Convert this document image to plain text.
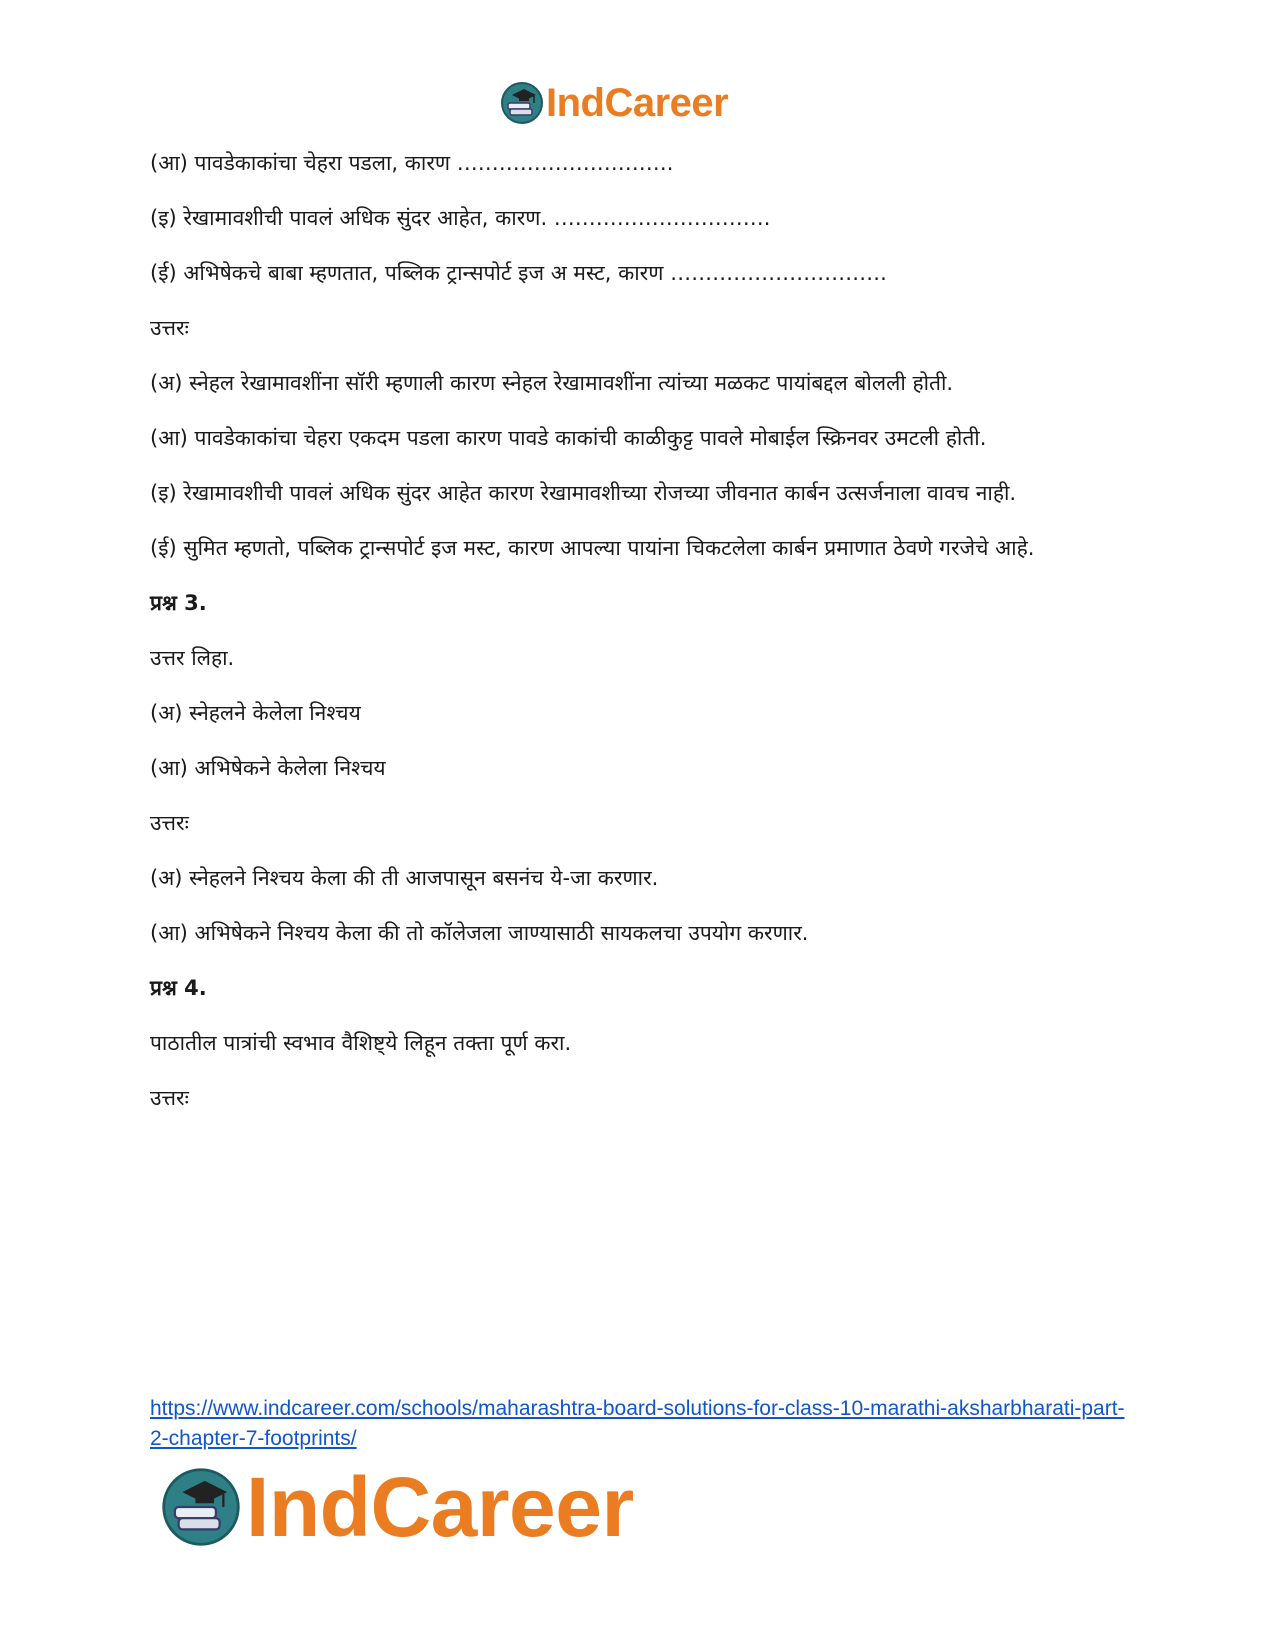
IndCareer

(आ) पावडेकाकांचा चेहरा पडला, कारण ………………………….

(इ) रेखामावशीची पावलं अधिक सुंदर आहेत, कारण. ………………………….

(ई) अभिषेकचे बाबा म्हणतात, पब्लिक ट्रान्सपोर्ट इज अ मस्ट, कारण ………………………….

उत्तरः

(अ) स्नेहल रेखामावशींना सॉरी म्हणाली कारण स्नेहल रेखामावशींना त्यांच्या मळकट पायांबद्दल बोलली होती.

(आ) पावडेकाकांचा चेहरा एकदम पडला कारण पावडे काकांची काळीकुट्ट पावले मोबाईल स्क्रिनवर उमटली होती.

(इ) रेखामावशीची पावलं अधिक सुंदर आहेत कारण रेखामावशीच्या रोजच्या जीवनात कार्बन उत्सर्जनाला वावच नाही.

(ई) सुमित म्हणतो, पब्लिक ट्रान्सपोर्ट इज मस्ट, कारण आपल्या पायांना चिकटलेला कार्बन प्रमाणात ठेवणे गरजेचे आहे.

प्रश्न 3.

उत्तर लिहा.

(अ) स्नेहलने केलेला निश्चय

(आ) अभिषेकने केलेला निश्चय

उत्तरः

(अ) स्नेहलने निश्चय केला की ती आजपासून बसनंच ये-जा करणार.

(आ) अभिषेकने निश्चय केला की तो कॉलेजला जाण्यासाठी सायकलचा उपयोग करणार.

प्रश्न 4.

पाठातील पात्रांची स्वभाव वैशिष्ट्ये लिहून तक्ता पूर्ण करा.

उत्तरः

https://www.indcareer.com/schools/maharashtra-board-solutions-for-class-10-marathi-aksharbharati-part-2-chapter-7-footprints/
IndCareer
